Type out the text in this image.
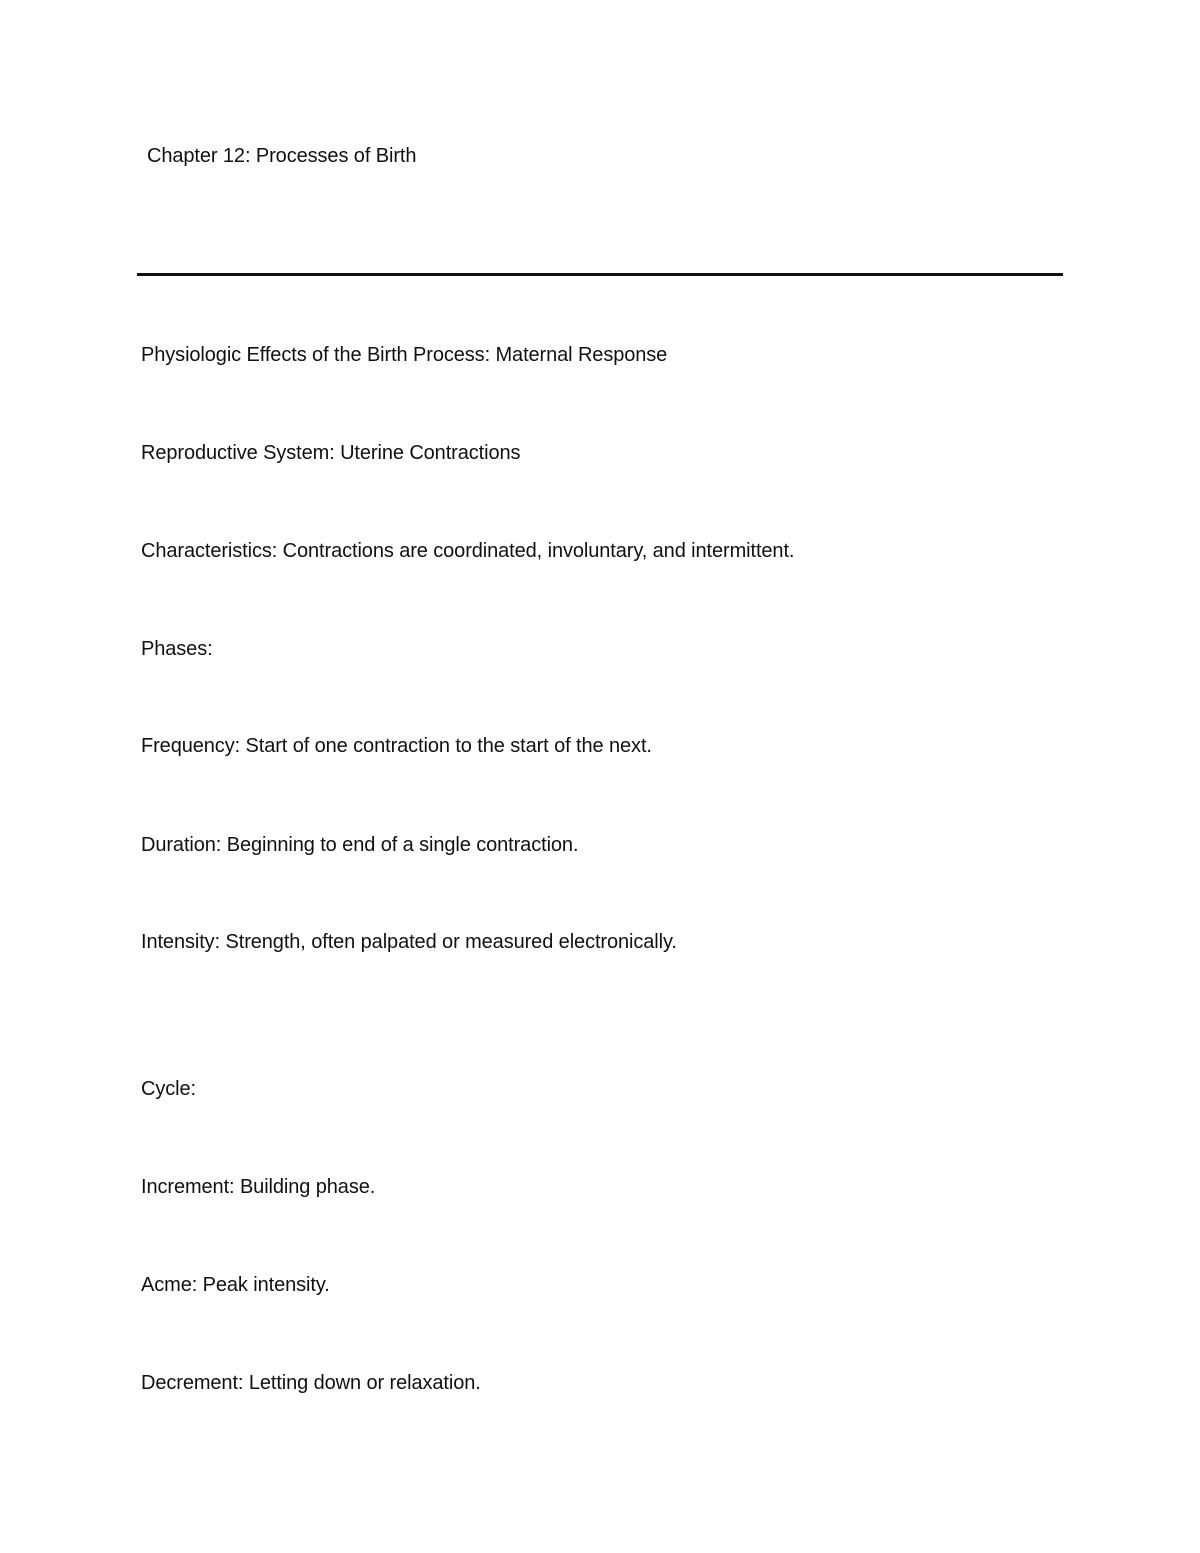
Chapter 12: Processes of Birth
Physiologic Effects of the Birth Process: Maternal Response
Reproductive System: Uterine Contractions
Characteristics: Contractions are coordinated, involuntary, and intermittent.
Phases:
Frequency: Start of one contraction to the start of the next.
Duration: Beginning to end of a single contraction.
Intensity: Strength, often palpated or measured electronically.
Cycle:
Increment: Building phase.
Acme: Peak intensity.
Decrement: Letting down or relaxation.
